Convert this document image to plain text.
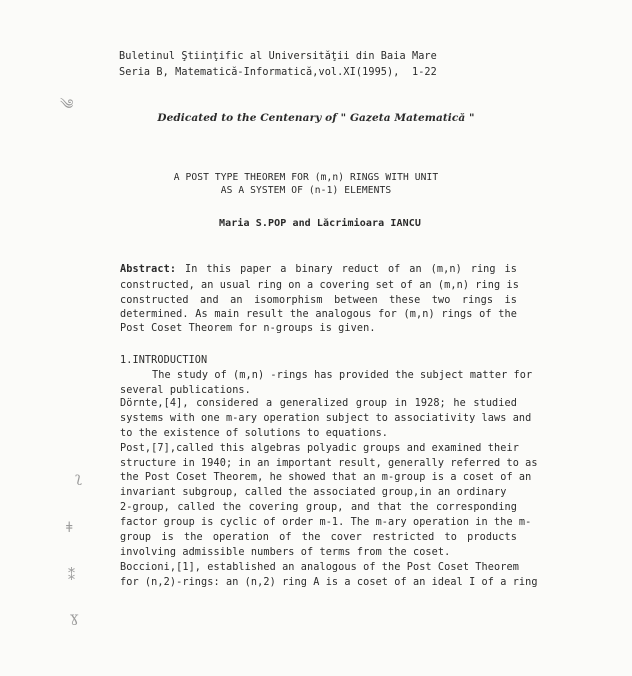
༄
ʅ
ǂ
⁑
ɣ
Buletinul Ştiinţific al Universităţii din Baia Mare
Seria B, Matematică-Informatică,vol.XI(1995),  1-22
Dedicated to the Centenary of " Gazeta Matematică "
A POST TYPE THEOREM FOR (m,n) RINGS WITH UNIT
AS A SYSTEM OF (n-1) ELEMENTS
Maria S.POP and Lăcrimioara IANCU
Abstract: In this paper a binary reduct of an (m,n) ring is
constructed, an usual ring on a covering set of an (m,n) ring is
constructed and an isomorphism between these two rings is
determined. As main result the analogous for (m,n) rings of the
Post Coset Theorem for n-groups is given.
1.INTRODUCTION
The study of (m,n) -rings has provided the subject matter for
several publications.
Dörnte,[4], considered a generalized group in 1928; he studied
systems with one m-ary operation subject to associativity laws and
to the existence of solutions to equations.
Post,[7],called this algebras polyadic groups and examined their
structure in 1940; in an important result, generally referred to as
the Post Coset Theorem, he showed that an m-group is a coset of an
invariant subgroup, called the associated group,in an ordinary
2-group, called the covering group, and that the corresponding
factor group is cyclic of order m-1. The m-ary operation in the m-
group is the operation of the cover restricted to products
involving admissible numbers of terms from the coset.
Boccioni,[1], established an analogous of the Post Coset Theorem
for (n,2)-rings: an (n,2) ring A is a coset of an ideal I of a ring
